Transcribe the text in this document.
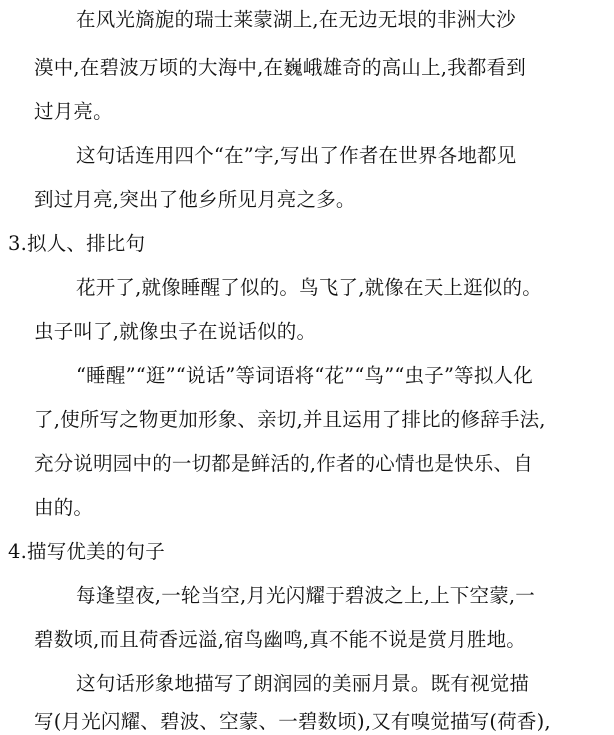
在风光旖旎的瑞士莱蒙湖上,在无边无垠的非洲大沙
漠中,在碧波万顷的大海中,在巍峨雄奇的高山上,我都看到
过月亮。
这句话连用四个“在”字,写出了作者在世界各地都见
到过月亮,突出了他乡所见月亮之多。
3.拟人、排比句
花开了,就像睡醒了似的。鸟飞了,就像在天上逛似的。
虫子叫了,就像虫子在说话似的。
“睡醒”“逛”“说话”等词语将“花”“鸟”“虫子”等拟人化
了,使所写之物更加形象、亲切,并且运用了排比的修辞手法,
充分说明园中的一切都是鲜活的,作者的心情也是快乐、自
由的。
4.描写优美的句子
每逢望夜,一轮当空,月光闪耀于碧波之上,上下空蒙,一
碧数顷,而且荷香远溢,宿鸟幽鸣,真不能不说是赏月胜地。
这句话形象地描写了朗润园的美丽月景。既有视觉描
写(月光闪耀、碧波、空蒙、一碧数顷),又有嗅觉描写(荷香),
